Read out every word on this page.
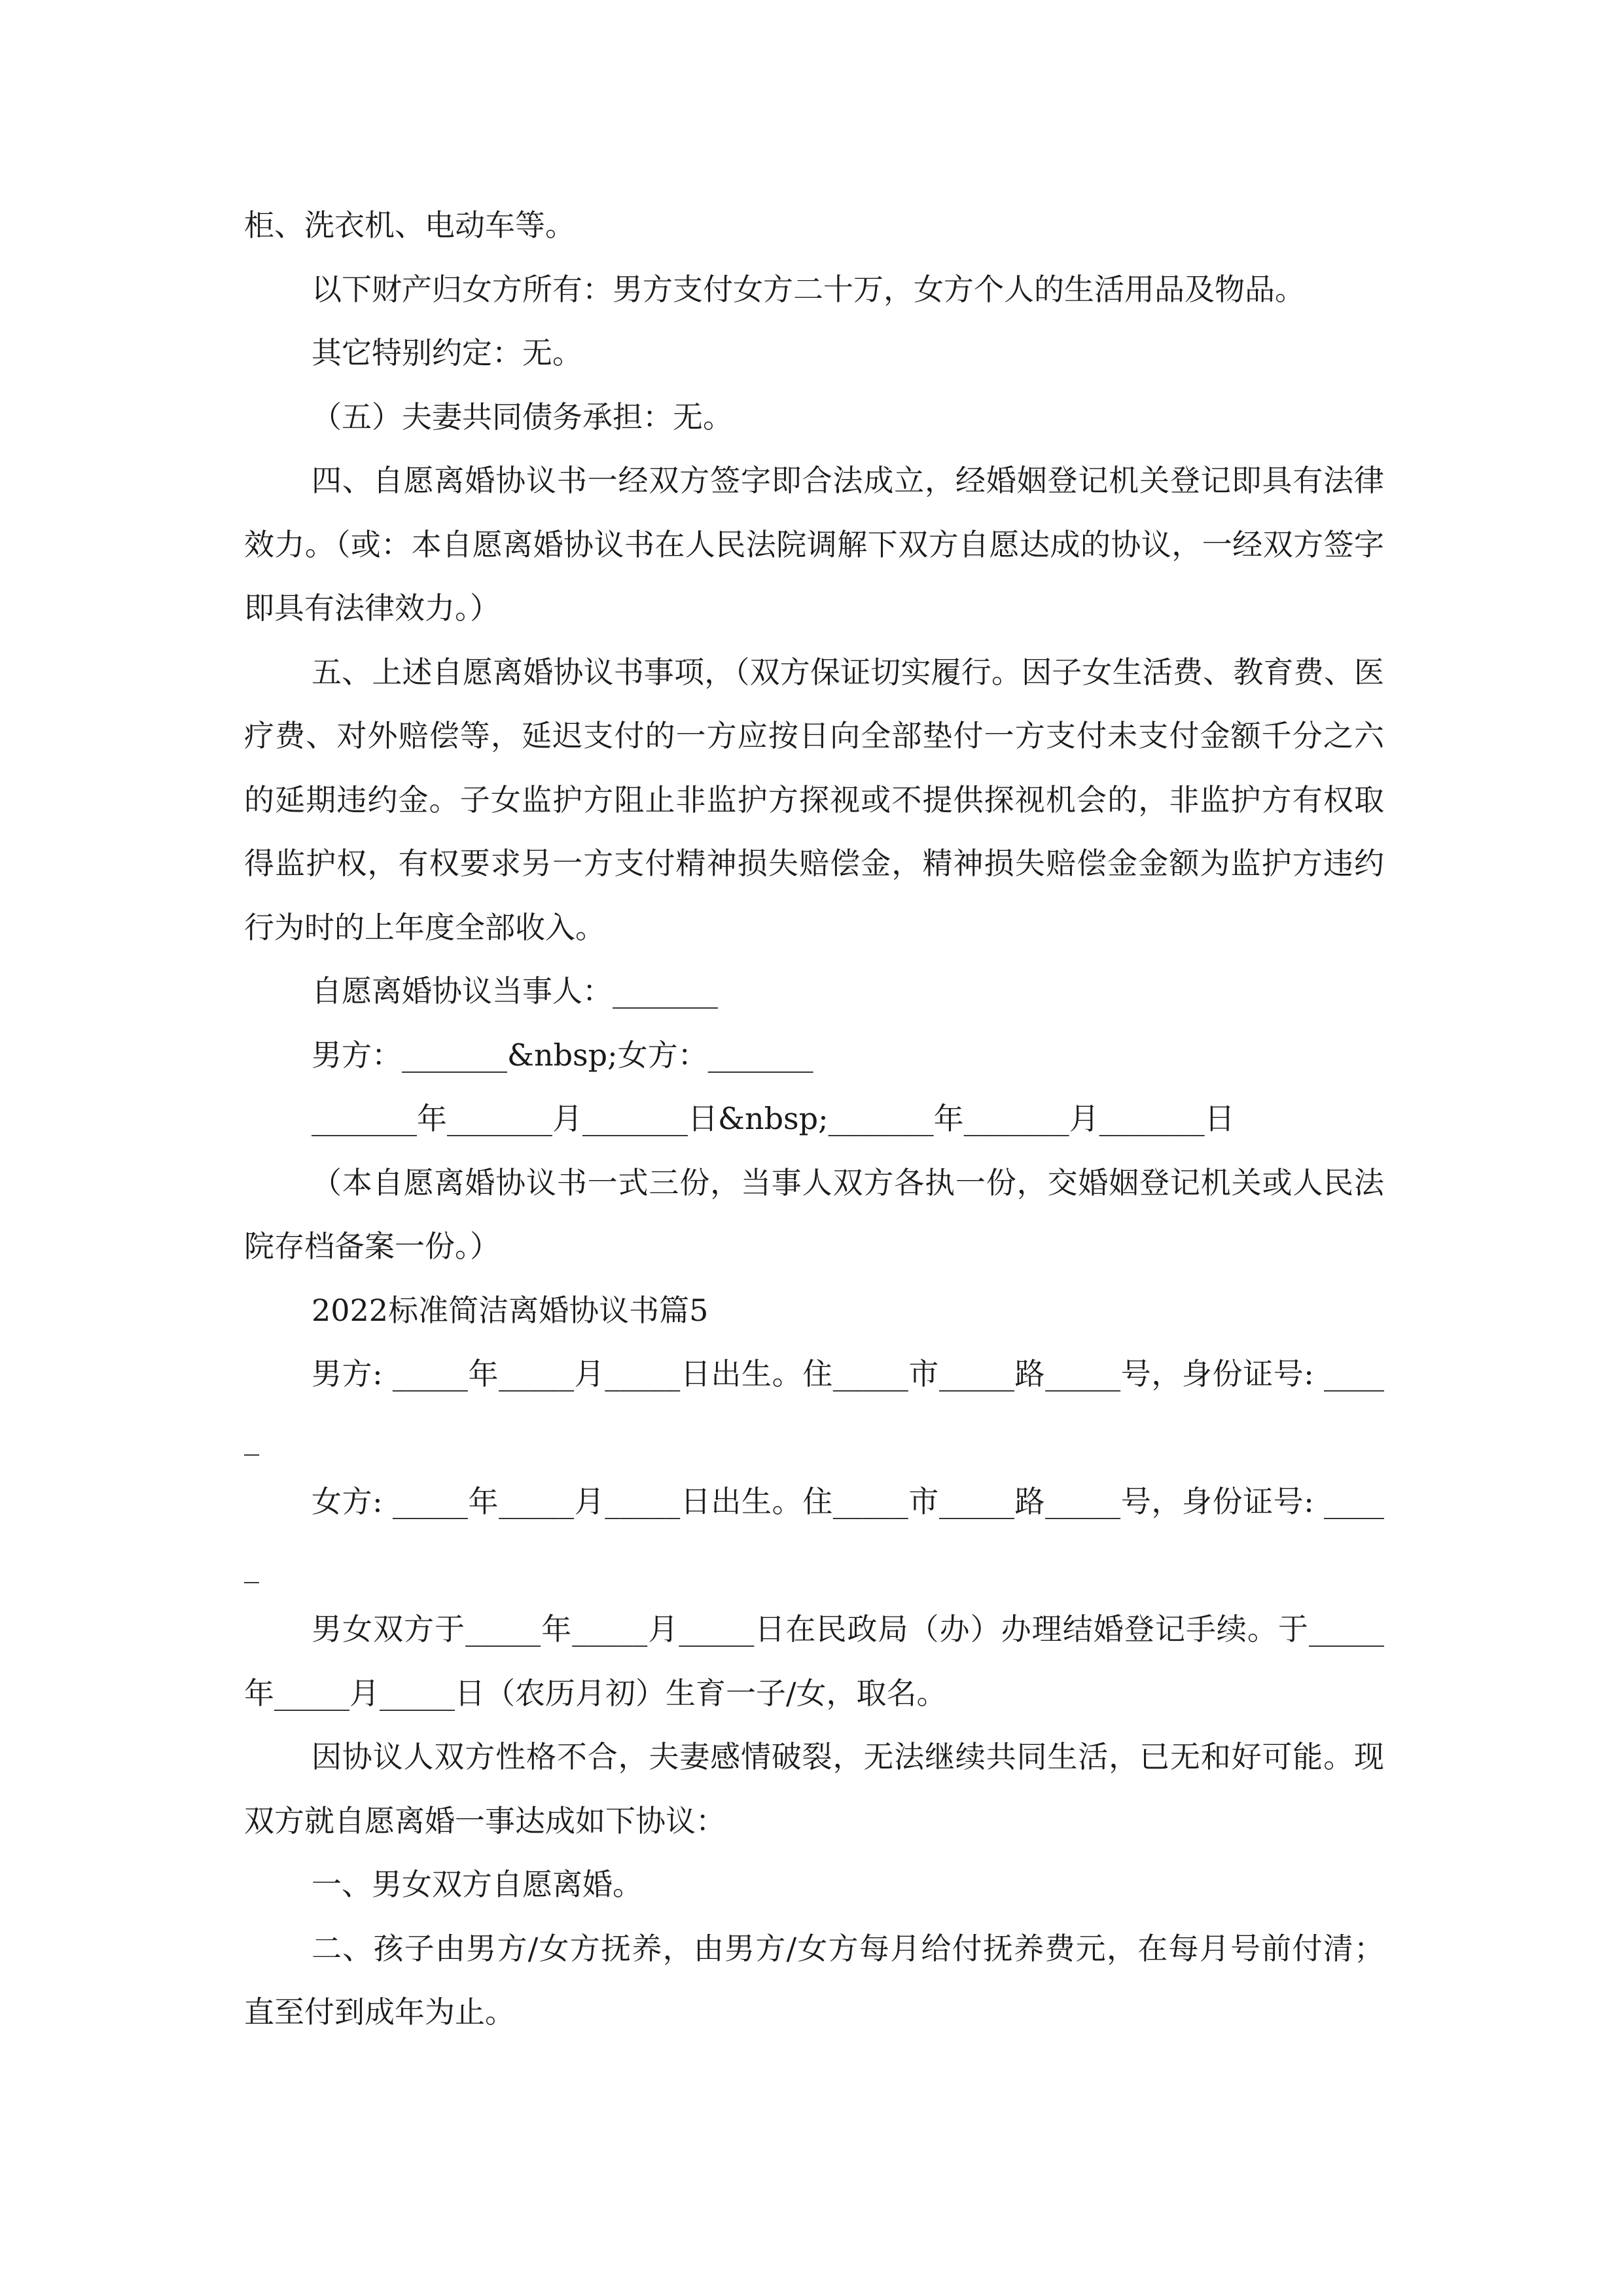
柜、洗衣机、电动车等。

以下财产归女方所有：男方支付女方二十万，女方个人的生活用品及物品。

其它特别约定：无。

（五）夫妻共同债务承担：无。

四、自愿离婚协议书一经双方签字即合法成立，经婚姻登记机关登记即具有法律效力。（或：本自愿离婚协议书在人民法院调解下双方自愿达成的协议，一经双方签字即具有法律效力。）

五、上述自愿离婚协议书事项，（双方保证切实履行。因子女生活费、教育费、医疗费、对外赔偿等，延迟支付的一方应按日向全部垫付一方支付未支付金额千分之六的延期违约金。子女监护方阻止非监护方探视或不提供探视机会的，非监护方有权取得监护权，有权要求另一方支付精神损失赔偿金，精神损失赔偿金金额为监护方违约行为时的上年度全部收入。

自愿离婚协议当事人：_______

男方：_______&nbsp;女方：_______

_______年_______月_______日&nbsp;_______年_______月_______日

（本自愿离婚协议书一式三份，当事人双方各执一份，交婚姻登记机关或人民法院存档备案一份。）

2022标准简洁离婚协议书篇5

男方: _____年_____月_____日出生。住_____市_____路_____号，身份证号: _____

女方: _____年_____月_____日出生。住_____市_____路_____号，身份证号: _____

男女双方于_____年_____月_____日在民政局（办）办理结婚登记手续。于_____年_____月_____日（农历月初）生育一子/女，取名。

因协议人双方性格不合，夫妻感情破裂，无法继续共同生活，已无和好可能。现双方就自愿离婚一事达成如下协议：

一、男女双方自愿离婚。

二、孩子由男方/女方抚养，由男方/女方每月给付抚养费元，在每月号前付清；直至付到成年为止。
